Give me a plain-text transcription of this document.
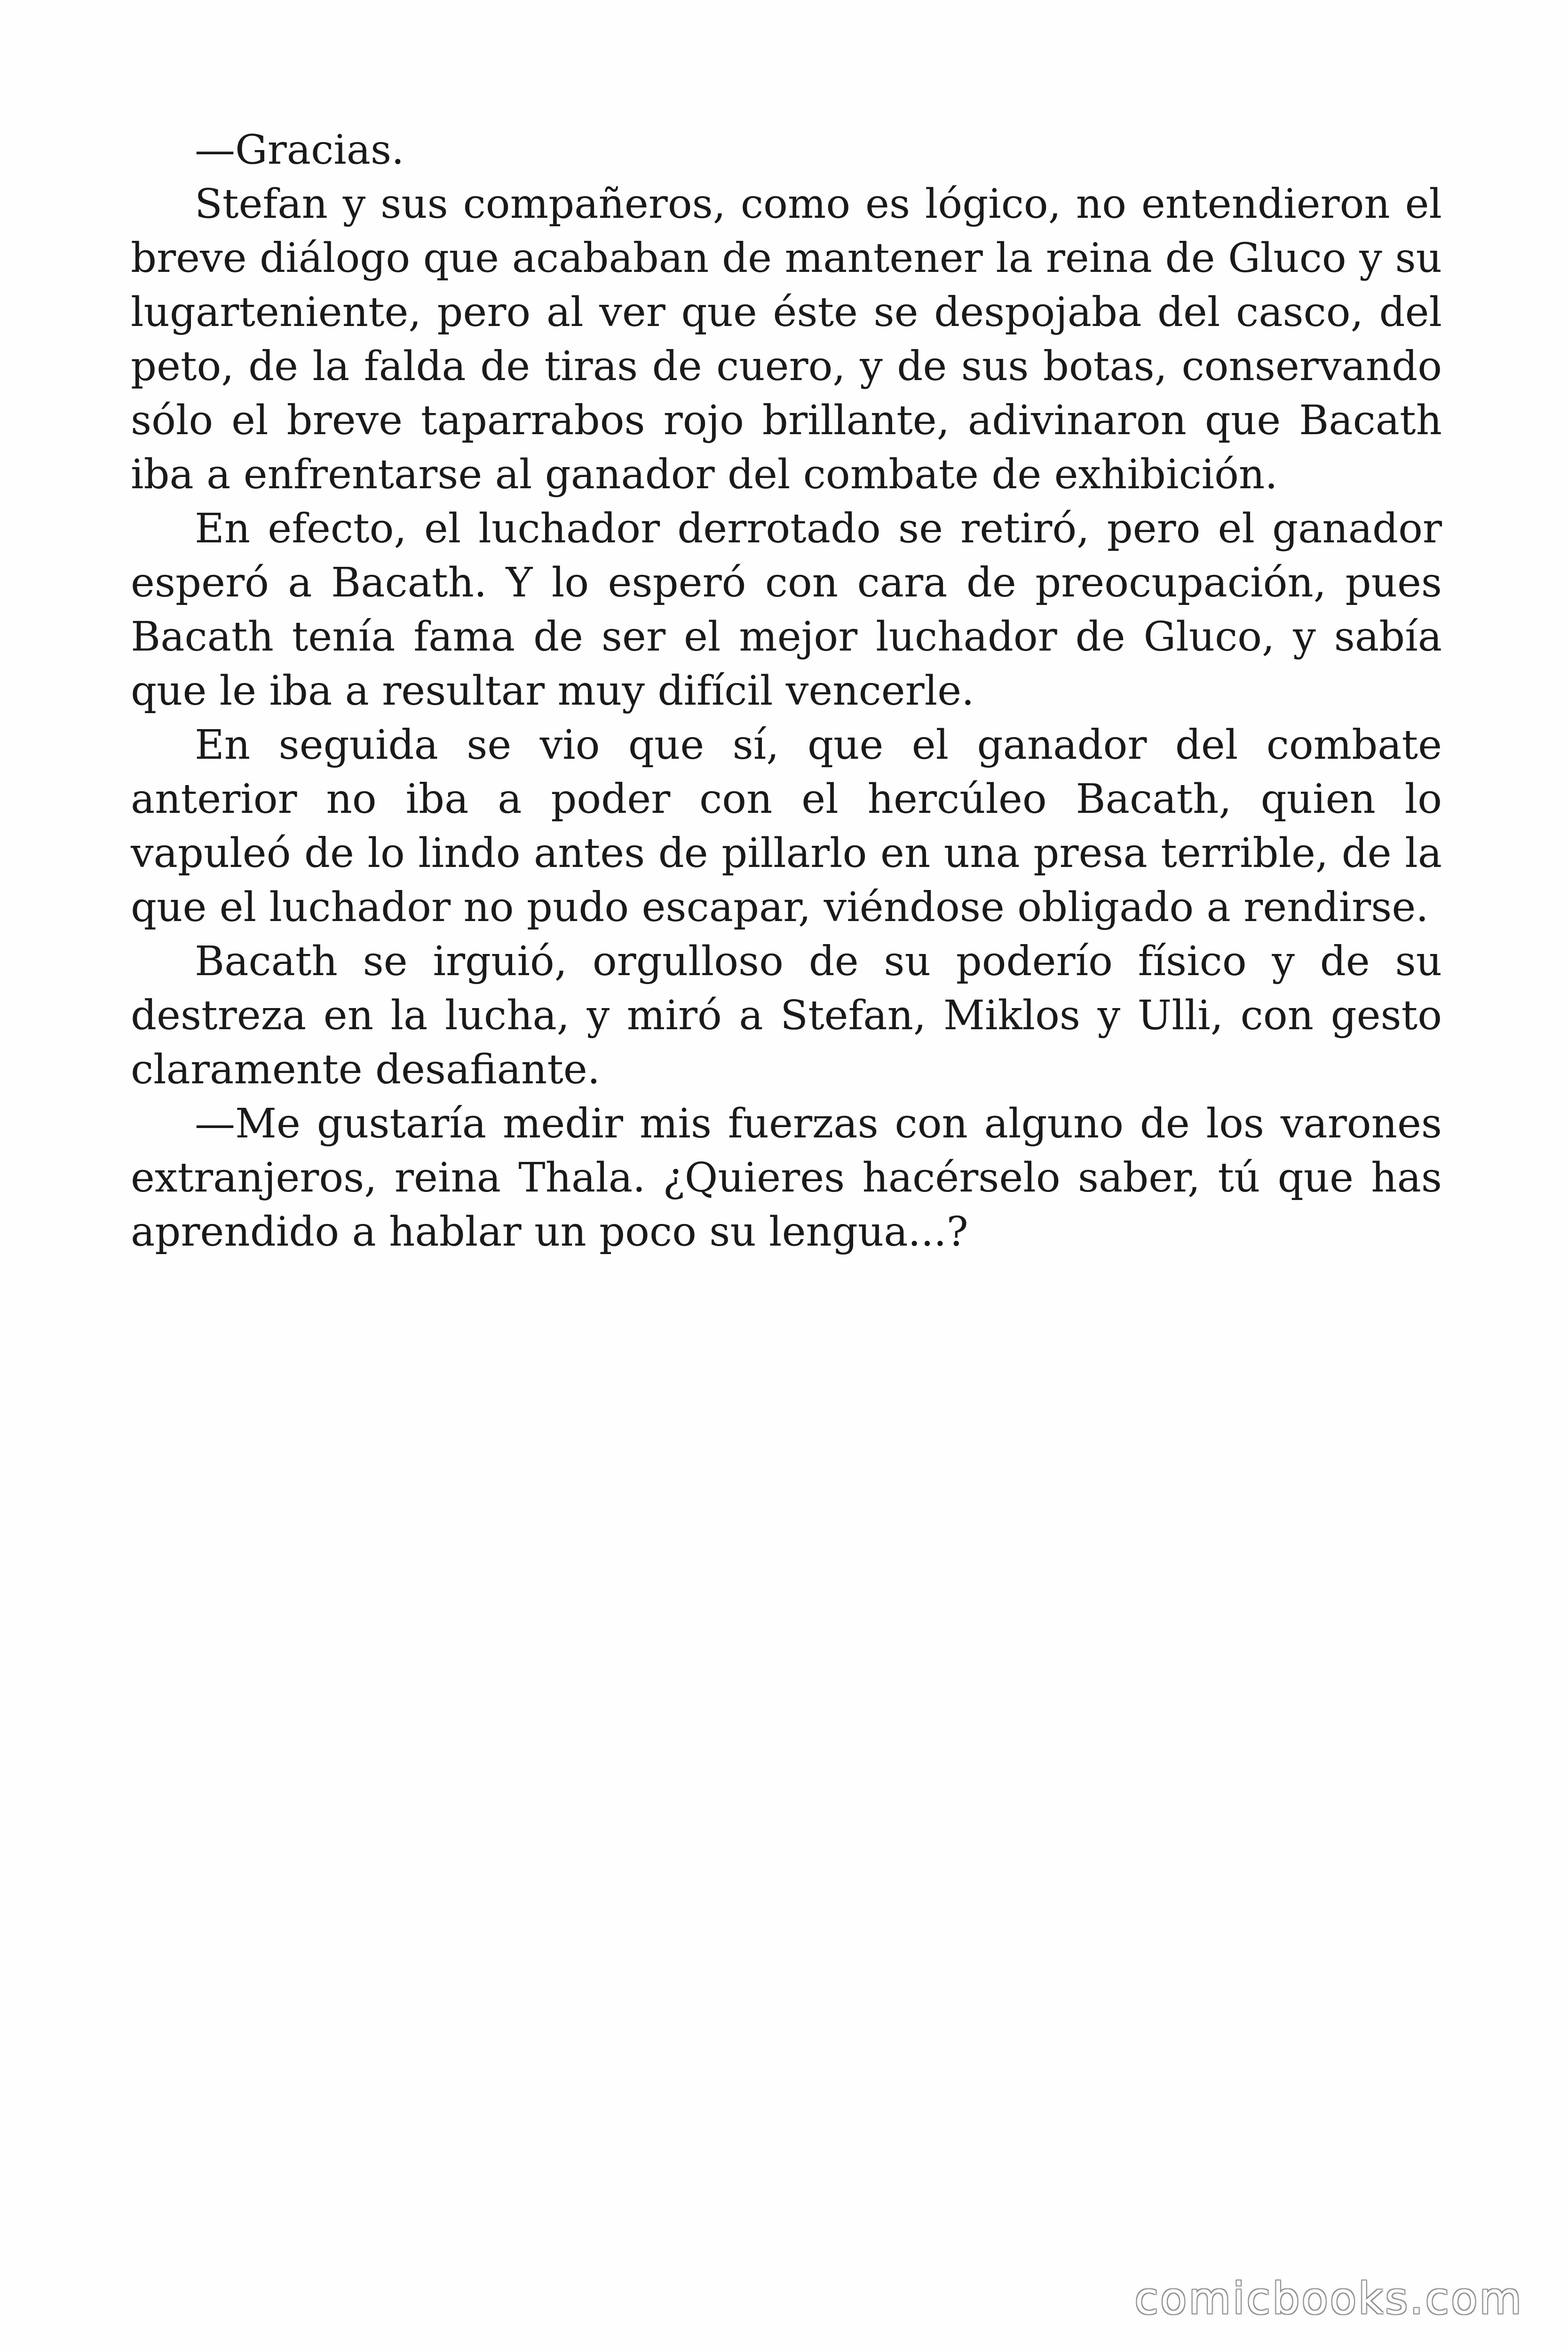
—Gracias.

Stefan y sus compañeros, como es lógico, no entendieron el breve diálogo que acababan de mantener la reina de Gluco y su lugarteniente, pero al ver que éste se despojaba del casco, del peto, de la falda de tiras de cuero, y de sus botas, conservando sólo el breve taparrabos rojo brillante, adivinaron que Bacath iba a enfrentarse al ganador del combate de exhibición.

En efecto, el luchador derrotado se retiró, pero el ganador esperó a Bacath. Y lo esperó con cara de preocupación, pues Bacath tenía fama de ser el mejor luchador de Gluco, y sabía que le iba a resultar muy difícil vencerle.

En seguida se vio que sí, que el ganador del combate anterior no iba a poder con el hercúleo Bacath, quien lo vapuleó de lo lindo antes de pillarlo en una presa terrible, de la que el luchador no pudo escapar, viéndose obligado a rendirse.

Bacath se irguió, orgulloso de su poderío físico y de su destreza en la lucha, y miró a Stefan, Miklos y Ulli, con gesto claramente desafiante.

—Me gustaría medir mis fuerzas con alguno de los varones extranjeros, reina Thala. ¿Quieres hacérselo saber, tú que has aprendido a hablar un poco su lengua...?

comicbooks.com
